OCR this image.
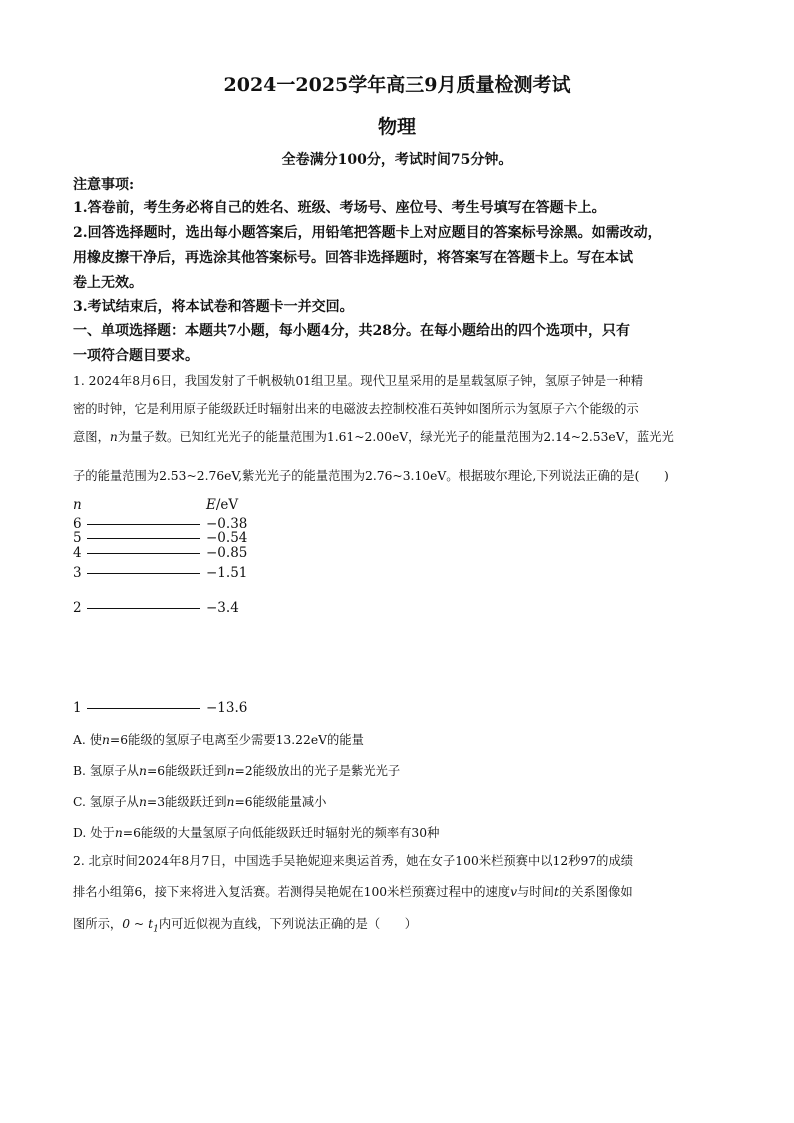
2024一2025学年高三9月质量检测考试
物理
全卷满分100分，考试时间75分钟。
注意事项:
1.答卷前，考生务必将自己的姓名、班级、考场号、座位号、考生号填写在答题卡上。
2.回答选择题时，选出每小题答案后，用铅笔把答题卡上对应题目的答案标号涂黑。如需改动，
用橡皮擦干净后，再选涂其他答案标号。回答非选择题时，将答案写在答题卡上。写在本试
卷上无效。
3.考试结束后，将本试卷和答题卡一并交回。
一、单项选择题：本题共7小题，每小题4分，共28分。在每小题给出的四个选项中，只有
一项符合题目要求。
1. 2024年8月6日，我国发射了千帆极轨01组卫星。现代卫星采用的是星载氢原子钟，氢原子钟是一种精
密的时钟，它是利用原子能级跃迁时辐射出来的电磁波去控制校准石英钟如图所示为氢原子六个能级的示
意图，n为量子数。已知红光光子的能量范围为1.61~2.00eV，绿光光子的能量范围为2.14~2.53eV，蓝光光
子的能量范围为2.53~2.76eV,紫光光子的能量范围为2.76~3.10eV。根据玻尔理论,下列说法正确的是(　　)
n	E/eV
6	−0.38
5	−0.54
4	−0.85
3	−1.51
2	−3.4
1	−13.6
A. 使n=6能级的氢原子电离至少需要13.22eV的能量
B. 氢原子从n=6能级跃迁到n=2能级放出的光子是紫光光子
C. 氢原子从n=3能级跃迁到n=6能级能量减小
D. 处于n=6能级的大量氢原子向低能级跃迁时辐射光的频率有30种
2. 北京时间2024年8月7日，中国选手吴艳妮迎来奥运首秀，她在女子100米栏预赛中以12秒97的成绩
排名小组第6，接下来将进入复活赛。若测得吴艳妮在100米栏预赛过程中的速度v与时间t的关系图像如
图所示，0 ~ $t_1$内可近似视为直线，下列说法正确的是（　　）
